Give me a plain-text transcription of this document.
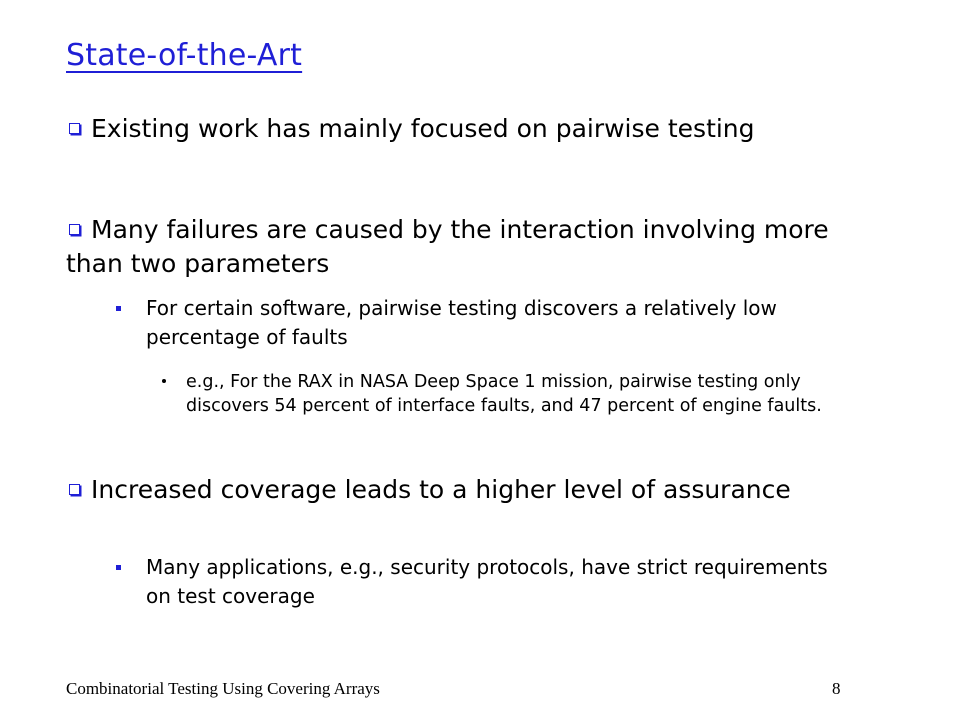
State-of-the-Art
Existing work has mainly focused on pairwise testing
Many failures are caused by the interaction involving more than two parameters
For certain software, pairwise testing discovers a relatively low percentage of faults
e.g., For the RAX in NASA Deep Space 1 mission, pairwise testing only discovers 54 percent of interface faults, and 47 percent of engine faults.
Increased coverage leads to a higher level of assurance
Many applications, e.g., security protocols, have strict requirements on test coverage
Combinatorial Testing Using Covering Arrays	8
